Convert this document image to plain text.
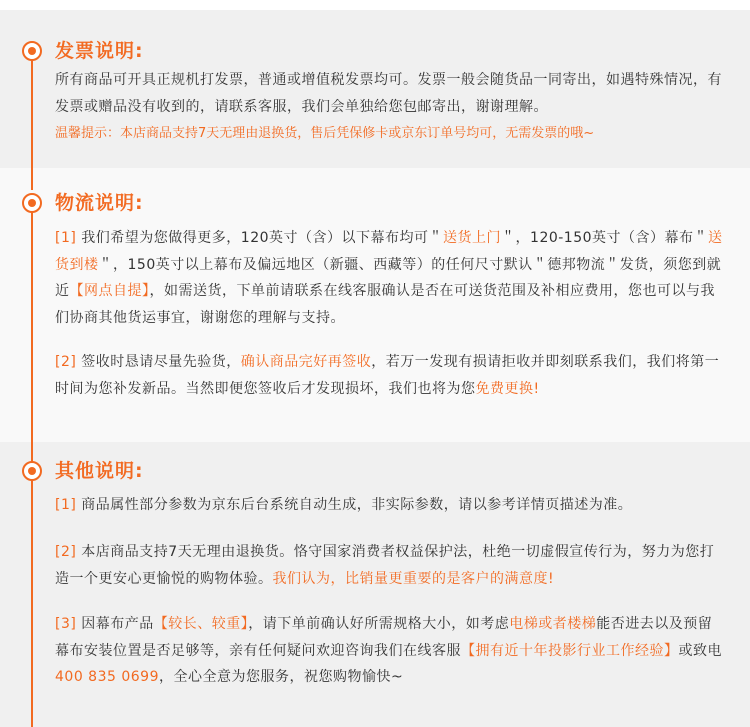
发票说明:
所有商品可开具正规机打发票，普通或增值税发票均可。发票一般会随货品一同寄出，如遇特殊情况，有发票或赠品没有收到的，请联系客服，我们会单独给您包邮寄出，谢谢理解。
温馨提示：本店商品支持7天无理由退换货，售后凭保修卡或京东订单号均可，无需发票的哦~
物流说明:
[1] 我们希望为您做得更多，120英寸（含）以下幕布均可＂送货上门＂，120-150英寸（含）幕布＂送货到楼＂，150英寸以上幕布及偏远地区（新疆、西藏等）的任何尺寸默认＂德邦物流＂发货，须您到就近【网点自提】，如需送货，下单前请联系在线客服确认是否在可送货范围及补相应费用，您也可以与我们协商其他货运事宜，谢谢您的理解与支持。
[2] 签收时恳请尽量先验货，确认商品完好再签收，若万一发现有损请拒收并即刻联系我们，我们将第一时间为您补发新品。当然即便您签收后才发现损坏，我们也将为您免费更换!
其他说明:
[1] 商品属性部分参数为京东后台系统自动生成，非实际参数，请以参考详情页描述为准。
[2] 本店商品支持7天无理由退换货。恪守国家消费者权益保护法，杜绝一切虚假宣传行为，努力为您打造一个更安心更愉悦的购物体验。我们认为，比销量更重要的是客户的满意度!
[3] 因幕布产品【较长、较重】，请下单前确认好所需规格大小，如考虑电梯或者楼梯能否进去以及预留幕布安装位置是否足够等，亲有任何疑问欢迎咨询我们在线客服【拥有近十年投影行业工作经验】或致电400 835 0699，全心全意为您服务，祝您购物愉快~
